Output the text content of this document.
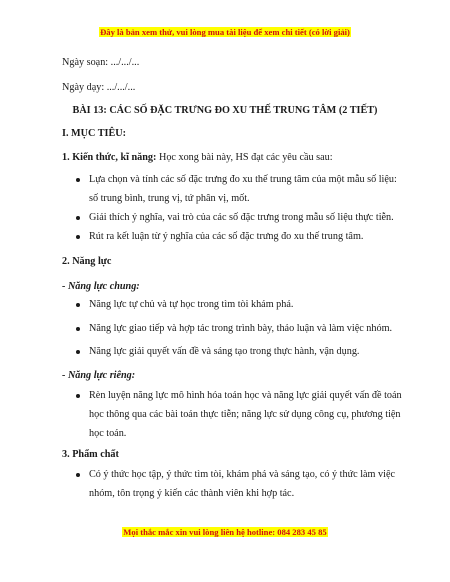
Đây là bản xem thử, vui lòng mua tài liệu để xem chi tiết (có lời giải)
Ngày soạn: .../.../...
Ngày dạy: .../.../...
BÀI 13: CÁC SỐ ĐẶC TRƯNG ĐO XU THẾ TRUNG TÂM (2 TIẾT)
I. MỤC TIÊU:
1. Kiến thức, kĩ năng: Học xong bài này, HS đạt các yêu cầu sau:
Lựa chọn và tính các số đặc trưng đo xu thế trung tâm của một mẫu số liệu:
số trung bình, trung vị, tứ phân vị, mốt.
Giải thích ý nghĩa, vai trò của các số đặc trưng trong mẫu số liệu thực tiễn.
Rút ra kết luận từ ý nghĩa của các số đặc trưng đo xu thế trung tâm.
2. Năng lực
- Năng lực chung:
Năng lực tự chủ và tự học trong tìm tòi khám phá.
Năng lực giao tiếp và hợp tác trong trình bày, thảo luận và làm việc nhóm.
Năng lực giải quyết vấn đề và sáng tạo trong thực hành, vận dụng.
- Năng lực riêng:
Rèn luyện năng lực mô hình hóa toán học và năng lực giải quyết vấn đề toán
học thông qua các bài toán thực tiễn; năng lực sử dụng công cụ, phương tiện
học toán.
3. Phẩm chất
Có ý thức học tập, ý thức tìm tòi, khám phá và sáng tạo, có ý thức làm việc
nhóm, tôn trọng ý kiến các thành viên khi hợp tác.
Mọi thắc mắc xin vui lòng liên hệ hotline: 084 283 45 85
